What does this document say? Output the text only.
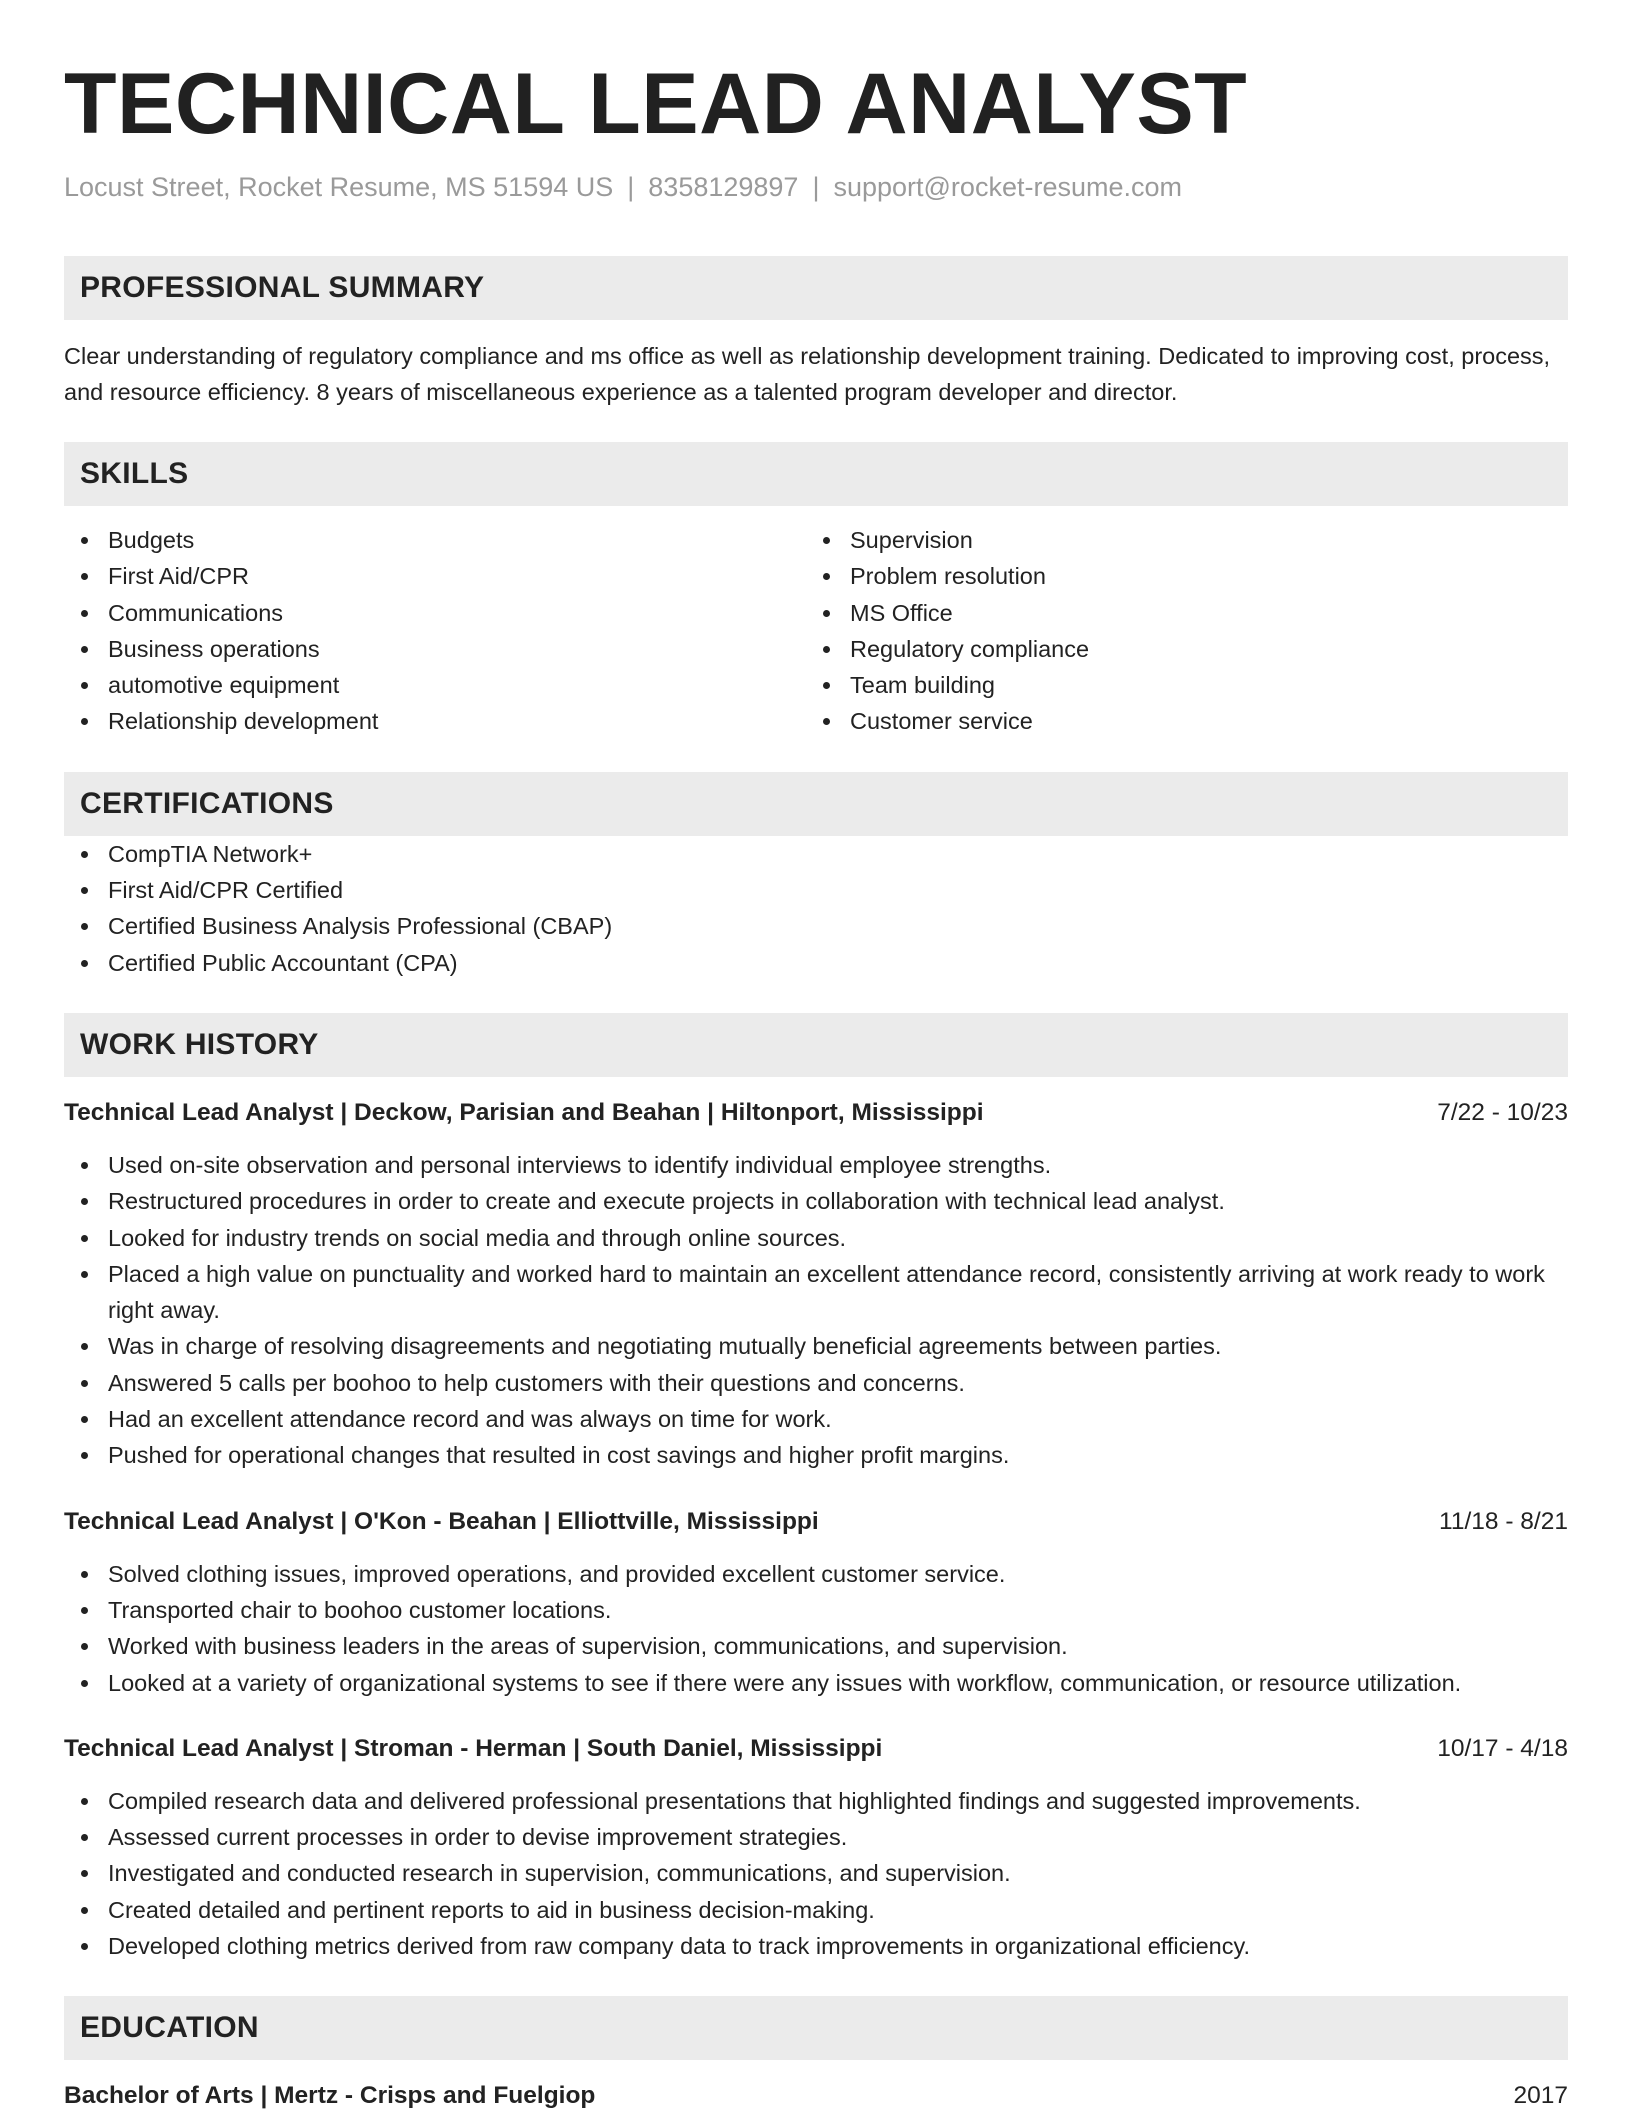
TECHNICAL LEAD ANALYST
Locust Street, Rocket Resume, MS 51594 US | 8358129897 | support@rocket-resume.com
PROFESSIONAL SUMMARY
Clear understanding of regulatory compliance and ms office as well as relationship development training. Dedicated to improving cost, process, and resource efficiency. 8 years of miscellaneous experience as a talented program developer and director.
SKILLS
Budgets
First Aid/CPR
Communications
Business operations
automotive equipment
Relationship development
Supervision
Problem resolution
MS Office
Regulatory compliance
Team building
Customer service
CERTIFICATIONS
CompTIA Network+
First Aid/CPR Certified
Certified Business Analysis Professional (CBAP)
Certified Public Accountant (CPA)
WORK HISTORY
Technical Lead Analyst | Deckow, Parisian and Beahan | Hiltonport, Mississippi	7/22 - 10/23
Used on-site observation and personal interviews to identify individual employee strengths.
Restructured procedures in order to create and execute projects in collaboration with technical lead analyst.
Looked for industry trends on social media and through online sources.
Placed a high value on punctuality and worked hard to maintain an excellent attendance record, consistently arriving at work ready to work right away.
Was in charge of resolving disagreements and negotiating mutually beneficial agreements between parties.
Answered 5 calls per boohoo to help customers with their questions and concerns.
Had an excellent attendance record and was always on time for work.
Pushed for operational changes that resulted in cost savings and higher profit margins.
Technical Lead Analyst | O'Kon - Beahan | Elliottville, Mississippi	11/18 - 8/21
Solved clothing issues, improved operations, and provided excellent customer service.
Transported chair to boohoo customer locations.
Worked with business leaders in the areas of supervision, communications, and supervision.
Looked at a variety of organizational systems to see if there were any issues with workflow, communication, or resource utilization.
Technical Lead Analyst | Stroman - Herman | South Daniel, Mississippi	10/17 - 4/18
Compiled research data and delivered professional presentations that highlighted findings and suggested improvements.
Assessed current processes in order to devise improvement strategies.
Investigated and conducted research in supervision, communications, and supervision.
Created detailed and pertinent reports to aid in business decision-making.
Developed clothing metrics derived from raw company data to track improvements in organizational efficiency.
EDUCATION
Bachelor of Arts | Mertz - Crisps and Fuelgiop	2017
